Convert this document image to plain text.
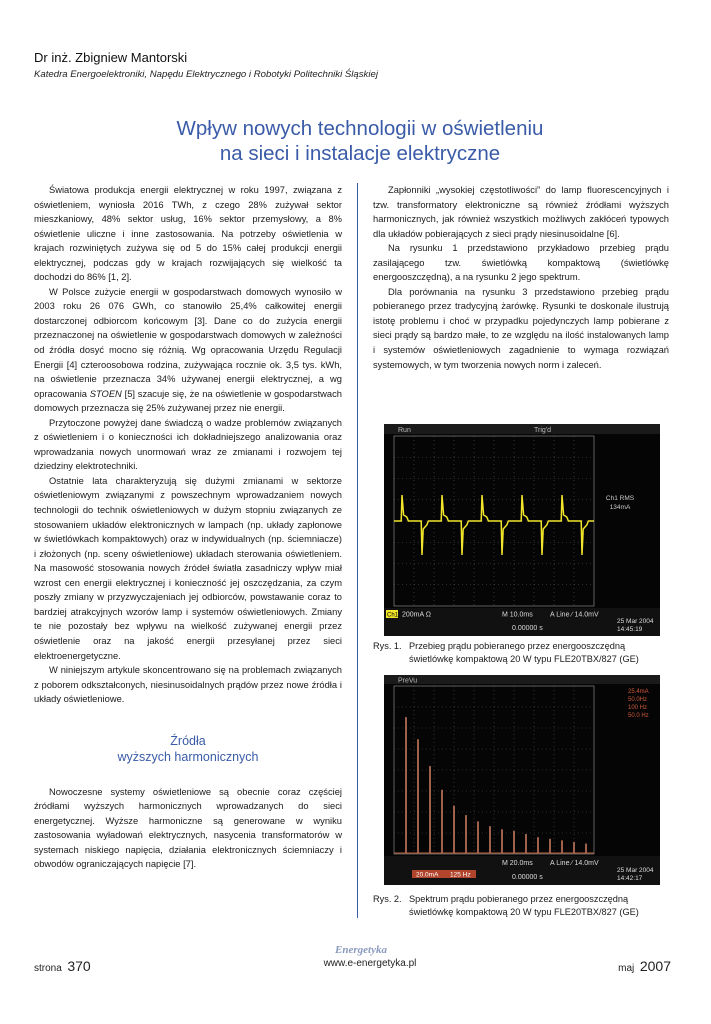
Dr inż. Zbigniew Mantorski
Katedra Energoelektroniki, Napędu Elektrycznego i Robotyki Politechniki Śląskiej
Wpływ nowych technologii w oświetleniu
na sieci i instalacje elektryczne

Światowa produkcja energii elektrycznej w roku 1997, związana z oświetleniem, wyniosła 2016 TWh, z czego 28% zużywał sektor mieszkaniowy, 48% sektor usług, 16% sektor przemysłowy, a 8% oświetlenie uliczne i inne zastosowania. Na potrzeby oświetlenia w krajach rozwiniętych zużywa się od 5 do 15% całej produkcji energii elektrycznej, podczas gdy w krajach rozwijających się wielkość ta dochodzi do 86% [1, 2].

W Polsce zużycie energii w gospodarstwach domowych wynosiło w 2003 roku 26 076 GWh, co stanowiło 25,4% całkowitej energii dostarczonej odbiorcom końcowym [3]. Dane co do zużycia energii przeznaczonej na oświetlenie w gospodarstwach domowych w zależności od źródła dosyć mocno się różnią. Wg opracowania Urzędu Regulacji Energii [4] czteroosobowa rodzina, zużywająca rocznie ok. 3,5 tys. kWh, na oświetlenie przeznacza 34% używanej energii elektrycznej, a wg opracowania STOEN [5] szacuje się, że na oświetlenie w gospodarstwach domowych przeznacza się 25% zużywanej przez nie energii.

Przytoczone powyżej dane świadczą o wadze problemów związanych z oświetleniem i o konieczności ich dokładniejszego analizowania oraz wprowadzania nowych unormowań wraz ze zmianami i rozwojem tej dziedziny elektrotechniki.

Ostatnie lata charakteryzują się dużymi zmianami w sektorze oświetleniowym związanymi z powszechnym wprowadzaniem nowych technologii do technik oświetleniowych w dużym stopniu związanych ze stosowaniem układów elektronicznych w lampach (np. układy zapłonowe w świetlówkach kompaktowych) oraz w indywidualnych (np. ściemniacze) i złożonych (np. sceny oświetleniowe) układach sterowania oświetleniem. Na masowość stosowania nowych źródeł światła zasadniczy wpływ miał wzrost cen energii elektrycznej i konieczność jej oszczędzania, za czym poszły zmiany w przyzwyczajeniach jej odbiorców, powstawanie coraz to bardziej atrakcyjnych wzorów lamp i systemów oświetleniowych. Zmiany te nie pozostały bez wpływu na wielkość zużywanej energii przez oświetlenie oraz na jakość energii przesyłanej przez sieci elektroenergetyczne.

W niniejszym artykule skoncentrowano się na problemach związanych z poborem odkształconych, niesinusoidalnych prądów przez nowe źródła i układy oświetleniowe.

Źródła
wyższych harmonicznych

Nowoczesne systemy oświetleniowe są obecnie coraz częściej źródłami wyższych harmonicznych wprowadzanych do sieci energetycznej. Wyższe harmoniczne są generowane w wyniku zastosowania wyładowań elektrycznych, nasycenia transformatorów w systemach niskiego napięcia, działania elektronicznych ściemniaczy i obwodów ograniczających napięcie [7].

Zapłonniki „wysokiej częstotliwości” do lamp fluorescencyjnych i tzw. transformatory elektroniczne są również źródłami wyższych harmonicznych, jak również wszystkich możliwych zakłóceń typowych dla układów pobierających z sieci prądy niesinusoidalne [6].

Na rysunku 1 przedstawiono przykładowo przebieg prądu zasilającego tzw. świetlówką kompaktową (świetlówkę energooszczędną), a na rysunku 2 jego spektrum.

Dla porównania na rysunku 3 przedstawiono przebieg prądu pobieranego przez tradycyjną żarówkę. Rysunki te doskonale ilustrują istotę problemu i choć w przypadku pojedynczych lamp pobierane z sieci prądy są bardzo małe, to ze względu na ilość instalowanych lamp i systemów oświetleniowych zagadnienie to wymaga rozwiązań systemowych, w tym tworzenia nowych norm i zaleceń.

Run	Trig'd
Ch1 RMS
134mA
Ch1 200mA Ω	M 10.0ms A Line ∕ 14.0mV
0.00000 s
25 Mar 2004
14:45:19
Rys. 1. Przebieg prądu pobieranego przez energooszczędną
świetlówkę kompaktową 20 W typu FLE20TBX/827 (GE)
PreVu
25.4mA
50.0Hz
100 Hz
50.0 Hz
M 20.0ms A Line ∕ 14.0mV
20.0mA 125 Hz	0.00000 s
25 Mar 2004
14:42:17
Rys. 2. Spektrum prądu pobieranego przez energooszczędną
świetlówkę kompaktową 20 W typu FLE20TBX/827 (GE)
Energetyka
strona 370	www.e-energetyka.pl	maj 2007
